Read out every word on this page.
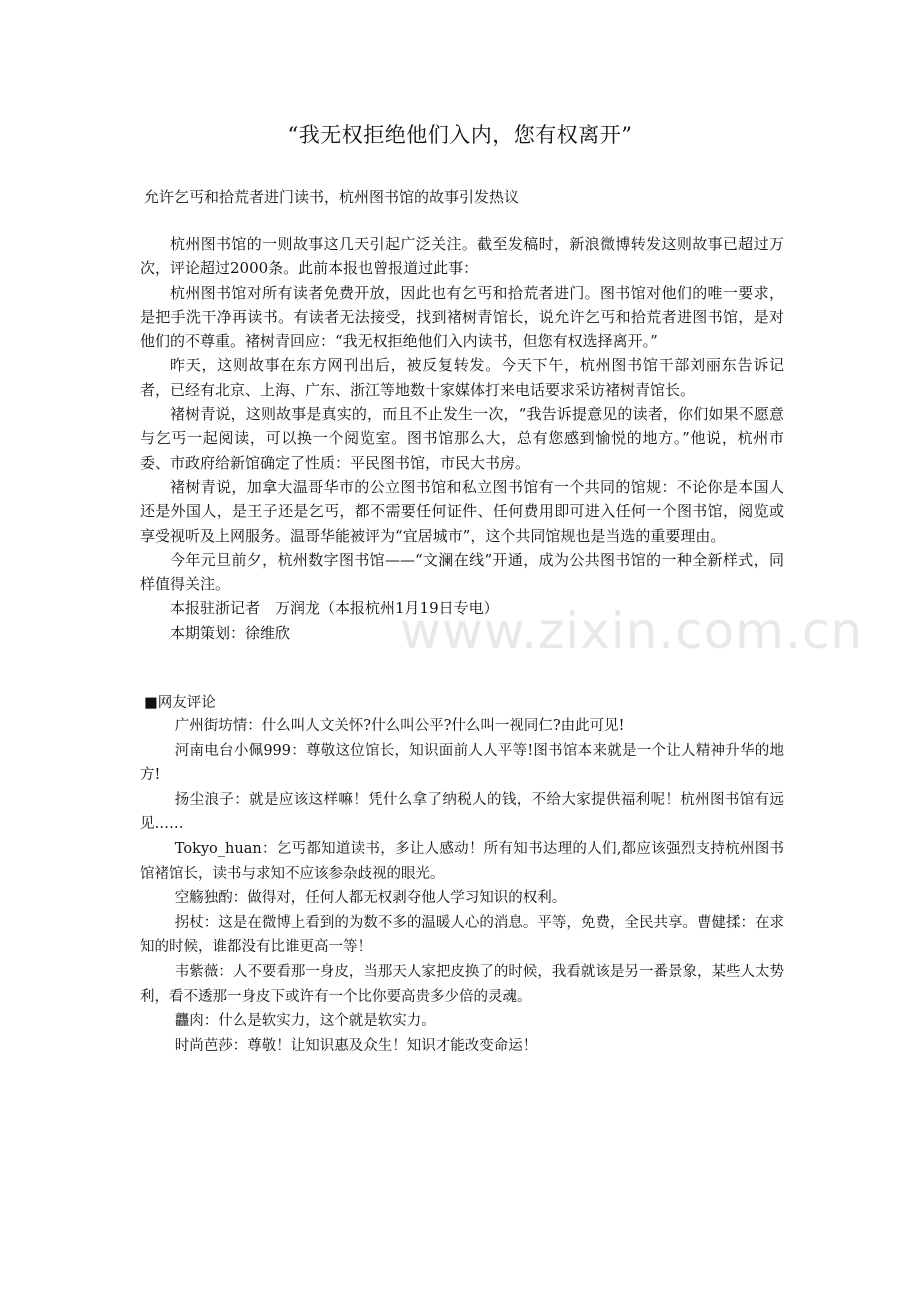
“我无权拒绝他们入内，您有权离开”
允许乞丐和拾荒者进门读书，杭州图书馆的故事引发热议

杭州图书馆的一则故事这几天引起广泛关注。截至发稿时，新浪微博转发这则故事已超过万次，评论超过2000条。此前本报也曾报道过此事：

杭州图书馆对所有读者免费开放，因此也有乞丐和拾荒者进门。图书馆对他们的唯一要求，是把手洗干净再读书。有读者无法接受，找到褚树青馆长，说允许乞丐和拾荒者进图书馆，是对他们的不尊重。褚树青回应：“我无权拒绝他们入内读书，但您有权选择离开。”

昨天，这则故事在东方网刊出后，被反复转发。今天下午，杭州图书馆干部刘丽东告诉记者，已经有北京、上海、广东、浙江等地数十家媒体打来电话要求采访褚树青馆长。

褚树青说，这则故事是真实的，而且不止发生一次，“我告诉提意见的读者，你们如果不愿意与乞丐一起阅读，可以换一个阅览室。图书馆那么大，总有您感到愉悦的地方。”他说，杭州市委、市政府给新馆确定了性质：平民图书馆，市民大书房。

褚树青说，加拿大温哥华市的公立图书馆和私立图书馆有一个共同的馆规：不论你是本国人还是外国人，是王子还是乞丐，都不需要任何证件、任何费用即可进入任何一个图书馆，阅览或享受视听及上网服务。温哥华能被评为“宜居城市”，这个共同馆规也是当选的重要理由。

今年元旦前夕，杭州数字图书馆——“文澜在线”开通，成为公共图书馆的一种全新样式，同样值得关注。

本报驻浙记者　万润龙（本报杭州1月19日专电）

本期策划：徐维欣	www.zixin.com.cn
■网友评论

广州街坊情：什么叫人文关怀?什么叫公平?什么叫一视同仁?由此可见!

河南电台小佩999：尊敬这位馆长，知识面前人人平等!图书馆本来就是一个让人精神升华的地方!

扬尘浪子：就是应该这样嘛！凭什么拿了纳税人的钱，不给大家提供福利呢！杭州图书馆有远见……

Tokyo_huan：乞丐都知道读书，多让人感动！所有知书达理的人们,都应该强烈支持杭州图书馆褚馆长，读书与求知不应该参杂歧视的眼光。

空觞独酌：做得对，任何人都无权剥夺他人学习知识的权利。

拐杖：这是在微博上看到的为数不多的温暖人心的消息。平等，免费，全民共享。曹健揉：在求知的时候，谁都没有比谁更高一等！

韦紫薇：人不要看那一身皮，当那天人家把皮换了的时候，我看就该是另一番景象，某些人太势利，看不透那一身皮下或许有一个比你要高贵多少倍的灵魂。

龘肉：什么是软实力，这个就是软实力。

时尚芭莎：尊敬！让知识惠及众生！知识才能改变命运！
